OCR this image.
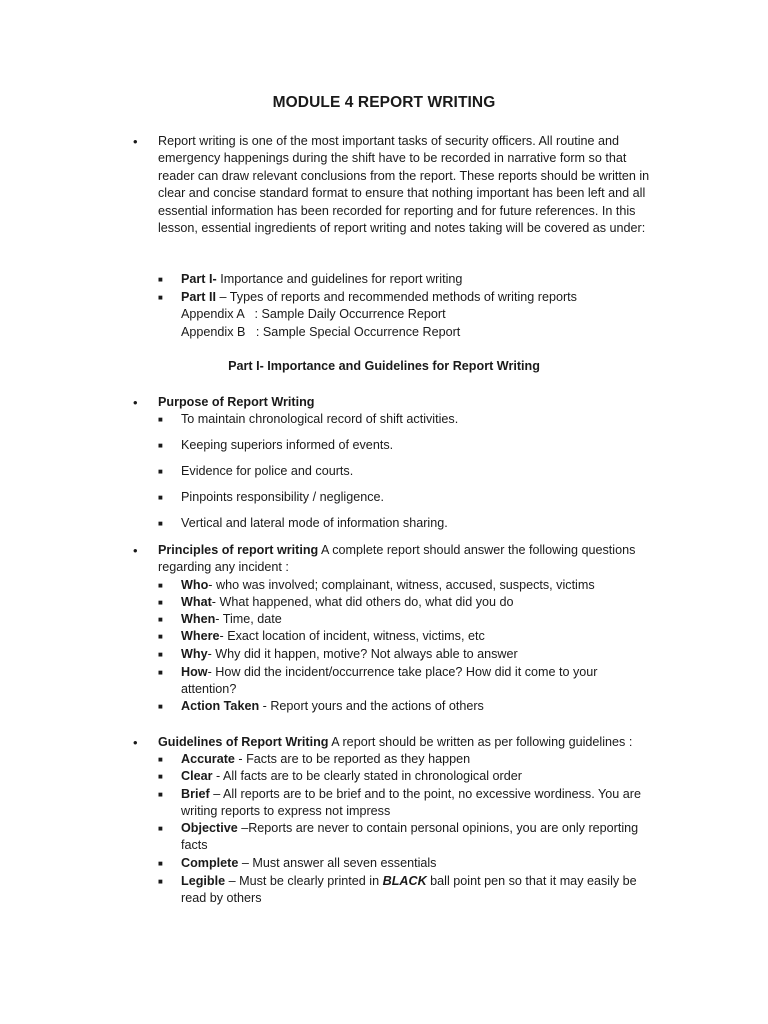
MODULE 4 REPORT WRITING
• Report writing is one of the most important tasks of security officers. All routine and emergency happenings during the shift have to be recorded in narrative form so that reader can draw relevant conclusions from the report. These reports should be written in clear and concise standard format to ensure that nothing important has been left and all essential information has been recorded for reporting and for future references. In this lesson, essential ingredients of report writing and notes taking will be covered as under:
■ Part I- Importance and guidelines for report writing
■ Part II – Types of reports and recommended methods of writing reports
Appendix A   : Sample Daily Occurrence Report
Appendix B   : Sample Special Occurrence Report
Part I- Importance and Guidelines for Report Writing
• Purpose of Report Writing
■ To maintain chronological record of shift activities.
■ Keeping superiors informed of events.
■ Evidence for police and courts.
■ Pinpoints responsibility / negligence.
■ Vertical and lateral mode of information sharing.
• Principles of report writing A complete report should answer the following questions regarding any incident :
■ Who- who was involved; complainant, witness, accused, suspects, victims
■ What- What happened, what did others do, what did you do
■ When- Time, date
■ Where- Exact location of incident, witness, victims, etc
■ Why- Why did it happen, motive? Not always able to answer
■ How- How did the incident/occurrence take place? How did it come to your attention?
■ Action Taken - Report yours and the actions of others
• Guidelines of Report Writing A report should be written as per following guidelines :
■ Accurate - Facts are to be reported as they happen
■ Clear - All facts are to be clearly stated in chronological order
■ Brief – All reports are to be brief and to the point, no excessive wordiness. You are writing reports to express not impress
■ Objective –Reports are never to contain personal opinions, you are only reporting facts
■ Complete – Must answer all seven essentials
■ Legible – Must be clearly printed in BLACK ball point pen so that it may easily be read by others
